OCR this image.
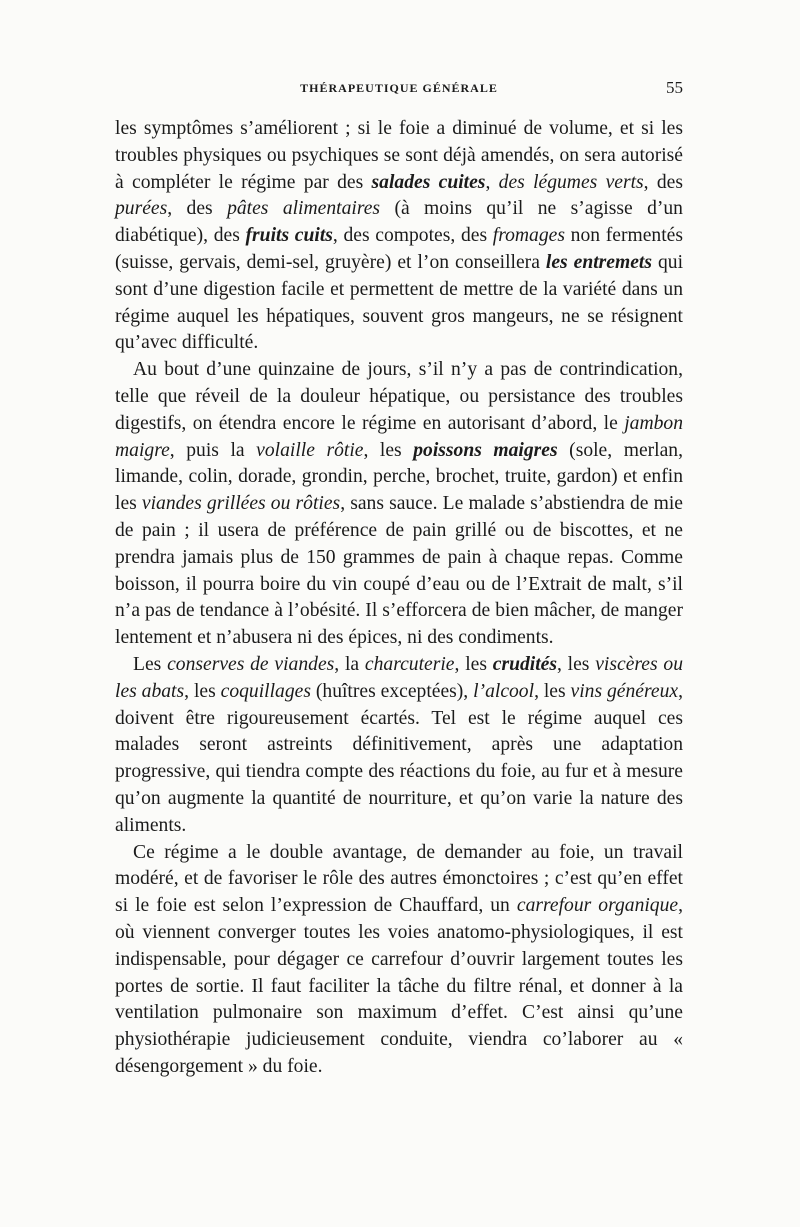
THÉRAPEUTIQUE GÉNÉRALE	55

les symptômes s’améliorent ; si le foie a diminué de volume, et si les troubles physiques ou psychiques se sont déjà amendés, on sera autorisé à compléter le régime par des salades cuites, des légumes verts, des purées, des pâtes alimentaires (à moins qu’il ne s’agisse d’un diabétique), des fruits cuits, des compotes, des fromages non fermentés (suisse, gervais, demi-sel, gruyère) et l’on conseillera les entremets qui sont d’une digestion facile et permettent de mettre de la variété dans un régime auquel les hépatiques, souvent gros mangeurs, ne se résignent qu’avec difficulté.

Au bout d’une quinzaine de jours, s’il n’y a pas de contrindication, telle que réveil de la douleur hépatique, ou persistance des troubles digestifs, on étendra encore le régime en autorisant d’abord, le jambon maigre, puis la volaille rôtie, les poissons maigres (sole, merlan, limande, colin, dorade, grondin, perche, brochet, truite, gardon) et enfin les viandes grillées ou rôties, sans sauce. Le malade s’abstiendra de mie de pain ; il usera de préférence de pain grillé ou de biscottes, et ne prendra jamais plus de 150 grammes de pain à chaque repas. Comme boisson, il pourra boire du vin coupé d’eau ou de l’Extrait de malt, s’il n’a pas de tendance à l’obésité. Il s’efforcera de bien mâcher, de manger lentement et n’abusera ni des épices, ni des condiments.

Les conserves de viandes, la charcuterie, les crudités, les viscères ou les abats, les coquillages (huîtres exceptées), l’alcool, les vins généreux, doivent être rigoureusement écartés. Tel est le régime auquel ces malades seront astreints définitivement, après une adaptation progressive, qui tiendra compte des réactions du foie, au fur et à mesure qu’on augmente la quantité de nourriture, et qu’on varie la nature des aliments.

Ce régime a le double avantage, de demander au foie, un travail modéré, et de favoriser le rôle des autres émonctoires ; c’est qu’en effet si le foie est selon l’expression de Chauffard, un carrefour organique, où viennent converger toutes les voies anatomo-physiologiques, il est indispensable, pour dégager ce carrefour d’ouvrir largement toutes les portes de sortie. Il faut faciliter la tâche du filtre rénal, et donner à la ventilation pulmonaire son maximum d’effet. C’est ainsi qu’une physiothérapie judicieusement conduite, viendra co’laborer au « désengorgement » du foie.
